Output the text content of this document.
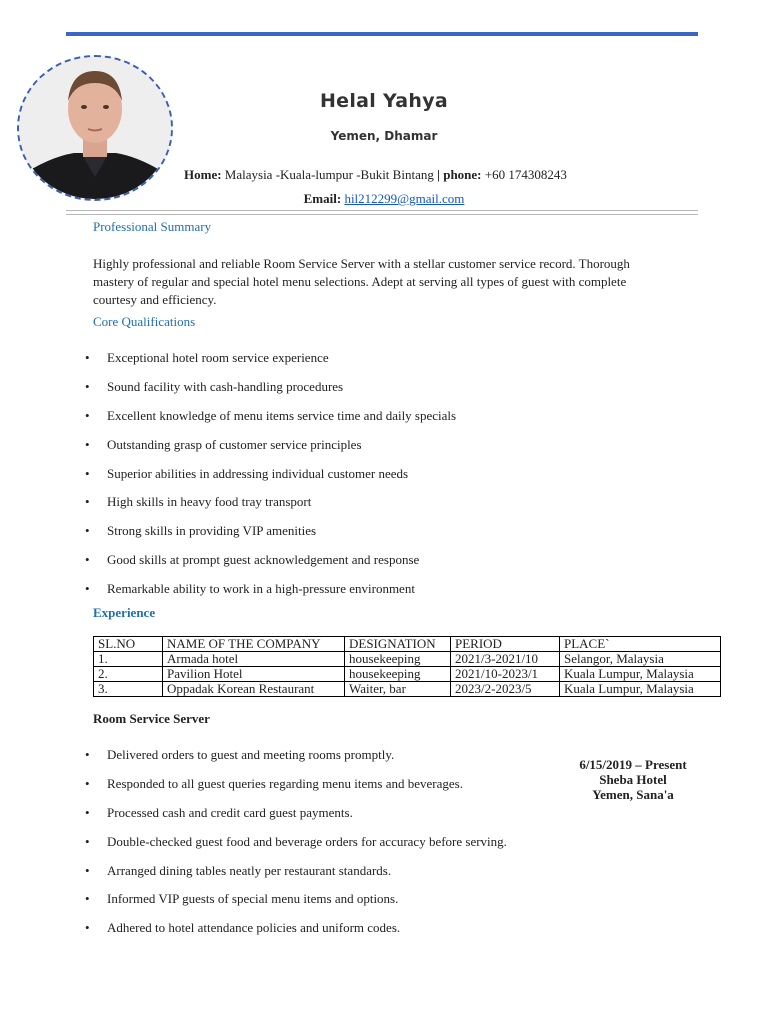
Helal Yahya
Yemen, Dhamar
Home: Malaysia -Kuala-lumpur -Bukit Bintang | phone: +60 174308243
Email: hil212299@gmail.com
Professional Summary

Highly professional and reliable Room Service Server with a stellar customer service record. Thorough mastery of regular and special hotel menu selections. Adept at serving all types of guest with complete courtesy and efficiency.

Core Qualifications
• Exceptional hotel room service experience
• Sound facility with cash-handling procedures
• Excellent knowledge of menu items service time and daily specials
• Outstanding grasp of customer service principles
• Superior abilities in addressing individual customer needs
• High skills in heavy food tray transport
• Strong skills in providing VIP amenities
• Good skills at prompt guest acknowledgement and response
• Remarkable ability to work in a high-pressure environment
Experience
SL.NO	NAME OF THE COMPANY	DESIGNATION	PERIOD	PLACE`
1.	Armada hotel	housekeeping	2021/3-2021/10	Selangor, Malaysia
2.	Pavilion Hotel	housekeeping	2021/10-2023/1	Kuala Lumpur, Malaysia
3.	Oppadak Korean Restaurant	Waiter, bar	2023/2-2023/5	Kuala Lumpur, Malaysia
Room Service Server
6/15/2019 – Present
Sheba Hotel
Yemen, Sana'a
• Delivered orders to guest and meeting rooms promptly.
• Responded to all guest queries regarding menu items and beverages.
• Processed cash and credit card guest payments.
• Double-checked guest food and beverage orders for accuracy before serving.
• Arranged dining tables neatly per restaurant standards.
• Informed VIP guests of special menu items and options.
• Adhered to hotel attendance policies and uniform codes.
